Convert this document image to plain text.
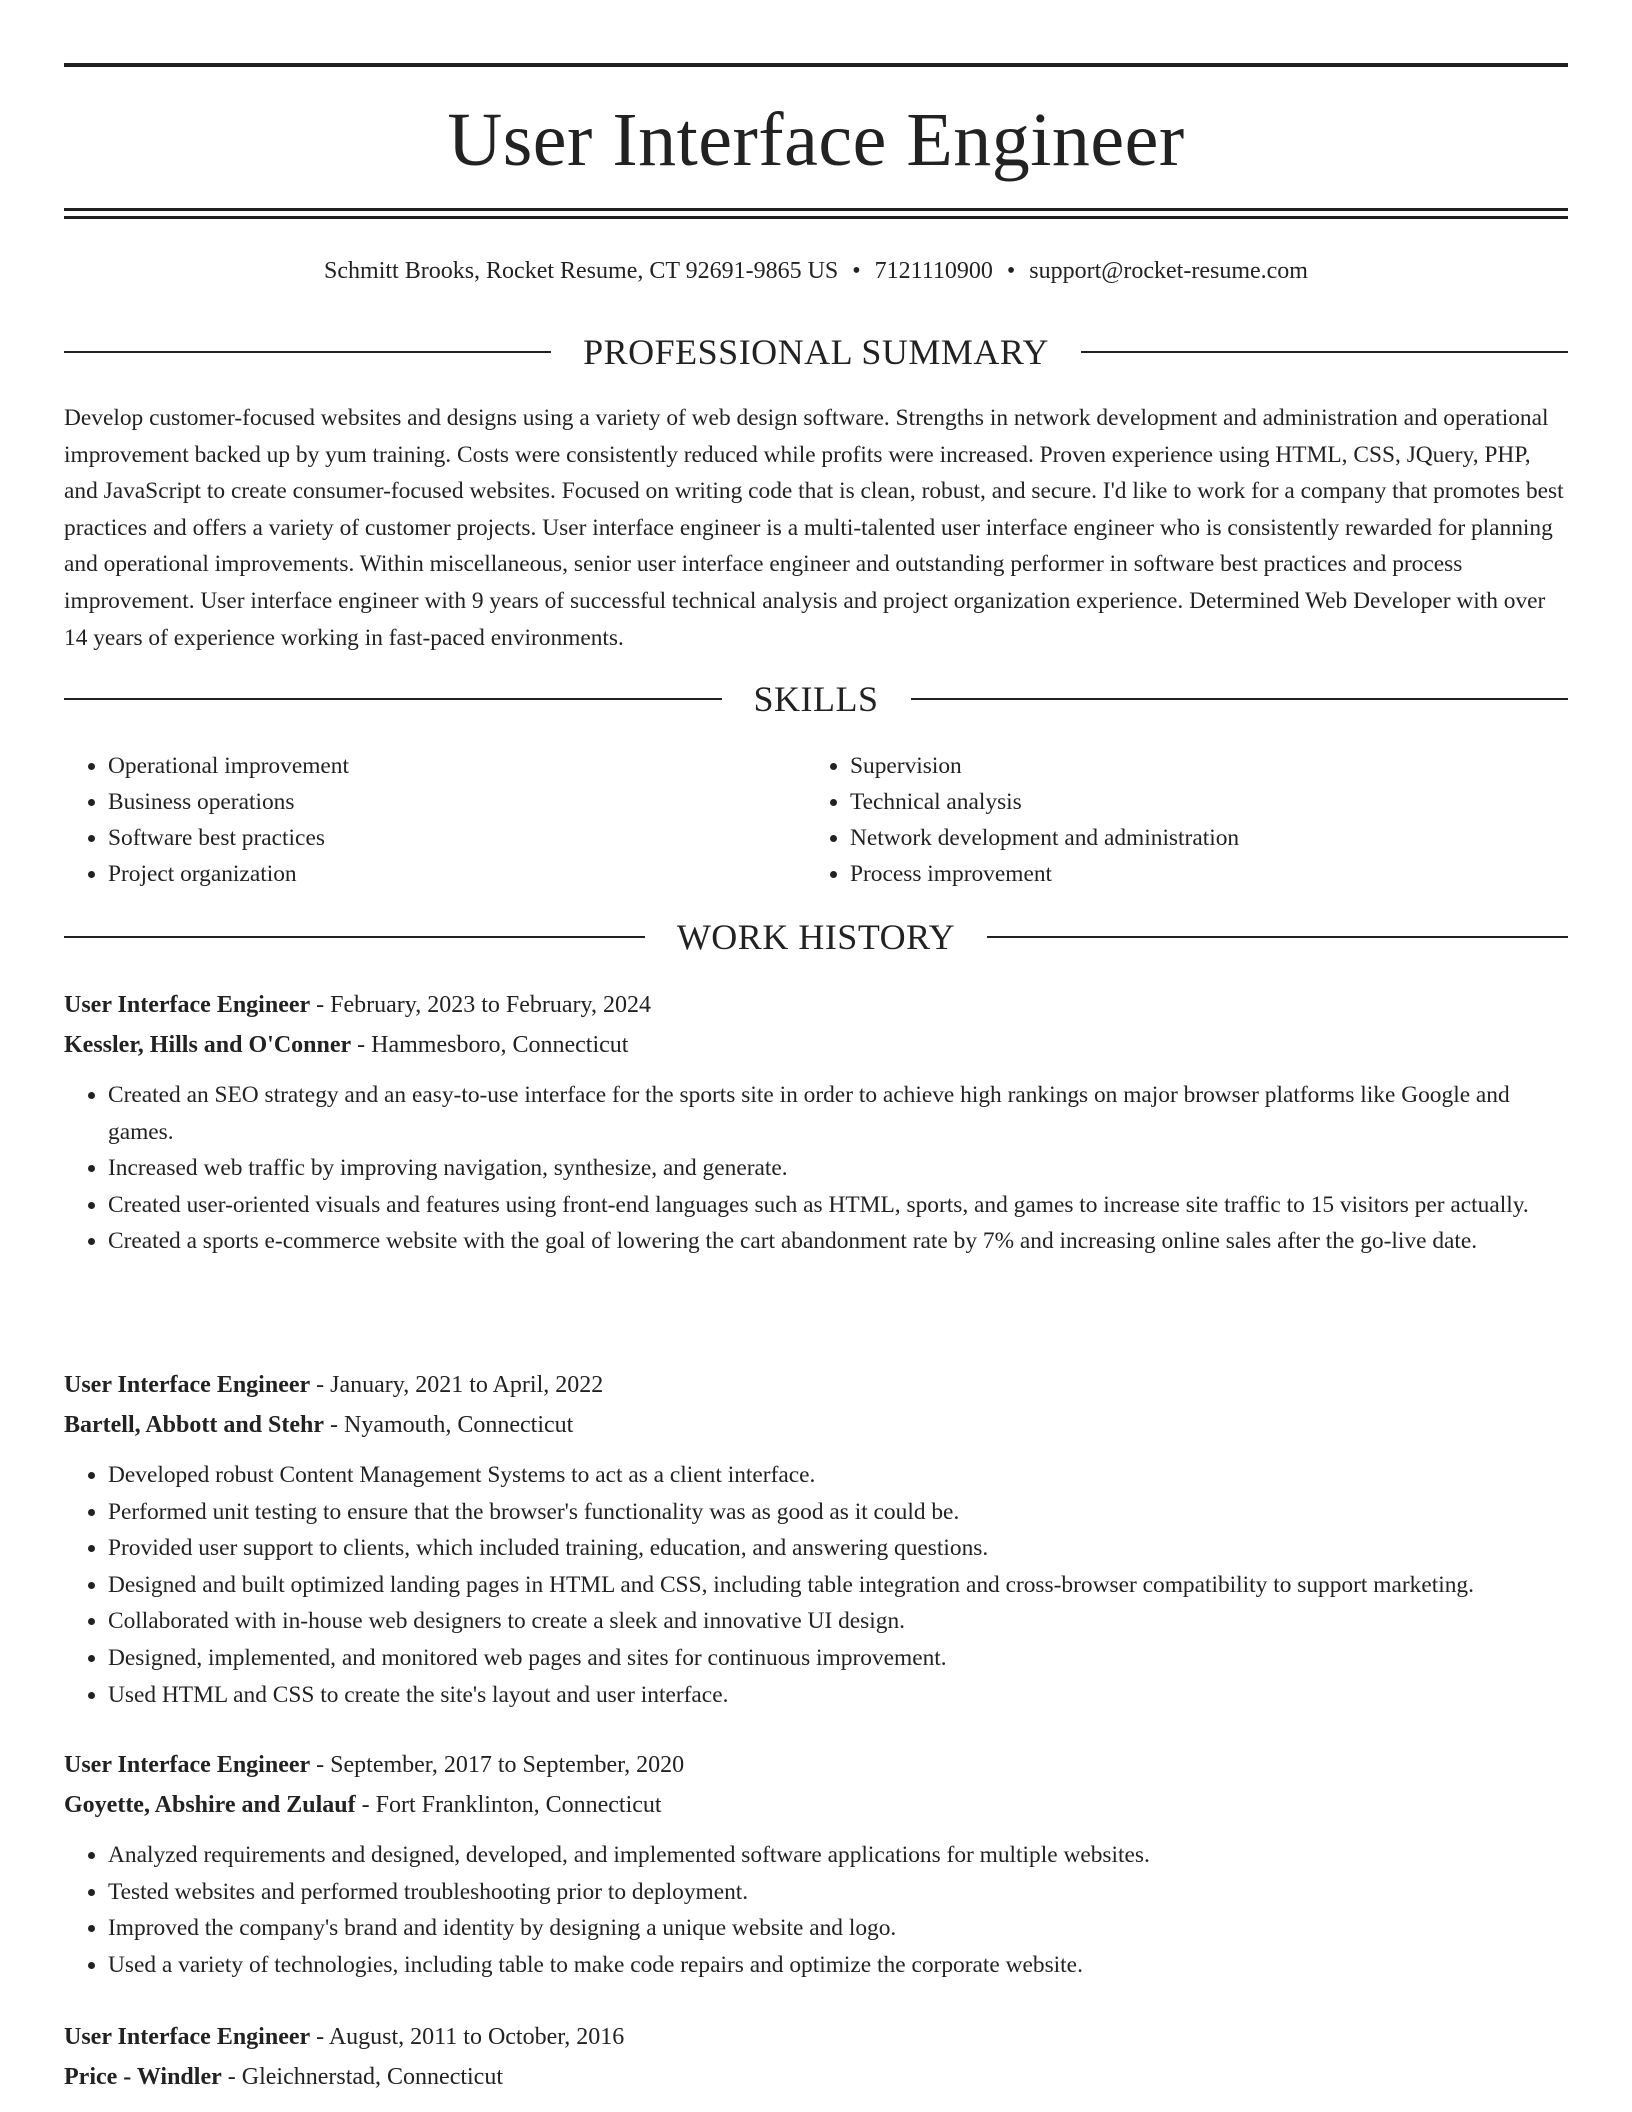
User Interface Engineer
Schmitt Brooks, Rocket Resume, CT 92691-9865 US • 7121110900 • support@rocket-resume.com
PROFESSIONAL SUMMARY

Develop customer-focused websites and designs using a variety of web design software. Strengths in network development and administration and operational improvement backed up by yum training. Costs were consistently reduced while profits were increased. Proven experience using HTML, CSS, JQuery, PHP, and JavaScript to create consumer-focused websites. Focused on writing code that is clean, robust, and secure. I'd like to work for a company that promotes best practices and offers a variety of customer projects. User interface engineer is a multi-talented user interface engineer who is consistently rewarded for planning and operational improvements. Within miscellaneous, senior user interface engineer and outstanding performer in software best practices and process improvement. User interface engineer with 9 years of successful technical analysis and project organization experience. Determined Web Developer with over 14 years of experience working in fast-paced environments.

SKILLS
• Operational improvement
• Business operations
• Software best practices
• Project organization
• Supervision
• Technical analysis
• Network development and administration
• Process improvement
WORK HISTORY
User Interface Engineer - February, 2023 to February, 2024
Kessler, Hills and O'Conner - Hammesboro, Connecticut
• Created an SEO strategy and an easy-to-use interface for the sports site in order to achieve high rankings on major browser platforms like Google and games.
• Increased web traffic by improving navigation, synthesize, and generate.
• Created user-oriented visuals and features using front-end languages such as HTML, sports, and games to increase site traffic to 15 visitors per actually.
• Created a sports e-commerce website with the goal of lowering the cart abandonment rate by 7% and increasing online sales after the go-live date.
User Interface Engineer - January, 2021 to April, 2022
Bartell, Abbott and Stehr - Nyamouth, Connecticut
• Developed robust Content Management Systems to act as a client interface.
• Performed unit testing to ensure that the browser's functionality was as good as it could be.
• Provided user support to clients, which included training, education, and answering questions.
• Designed and built optimized landing pages in HTML and CSS, including table integration and cross-browser compatibility to support marketing.
• Collaborated with in-house web designers to create a sleek and innovative UI design.
• Designed, implemented, and monitored web pages and sites for continuous improvement.
• Used HTML and CSS to create the site's layout and user interface.
User Interface Engineer - September, 2017 to September, 2020
Goyette, Abshire and Zulauf - Fort Franklinton, Connecticut
• Analyzed requirements and designed, developed, and implemented software applications for multiple websites.
• Tested websites and performed troubleshooting prior to deployment.
• Improved the company's brand and identity by designing a unique website and logo.
• Used a variety of technologies, including table to make code repairs and optimize the corporate website.
User Interface Engineer - August, 2011 to October, 2016
Price - Windler - Gleichnerstad, Connecticut
